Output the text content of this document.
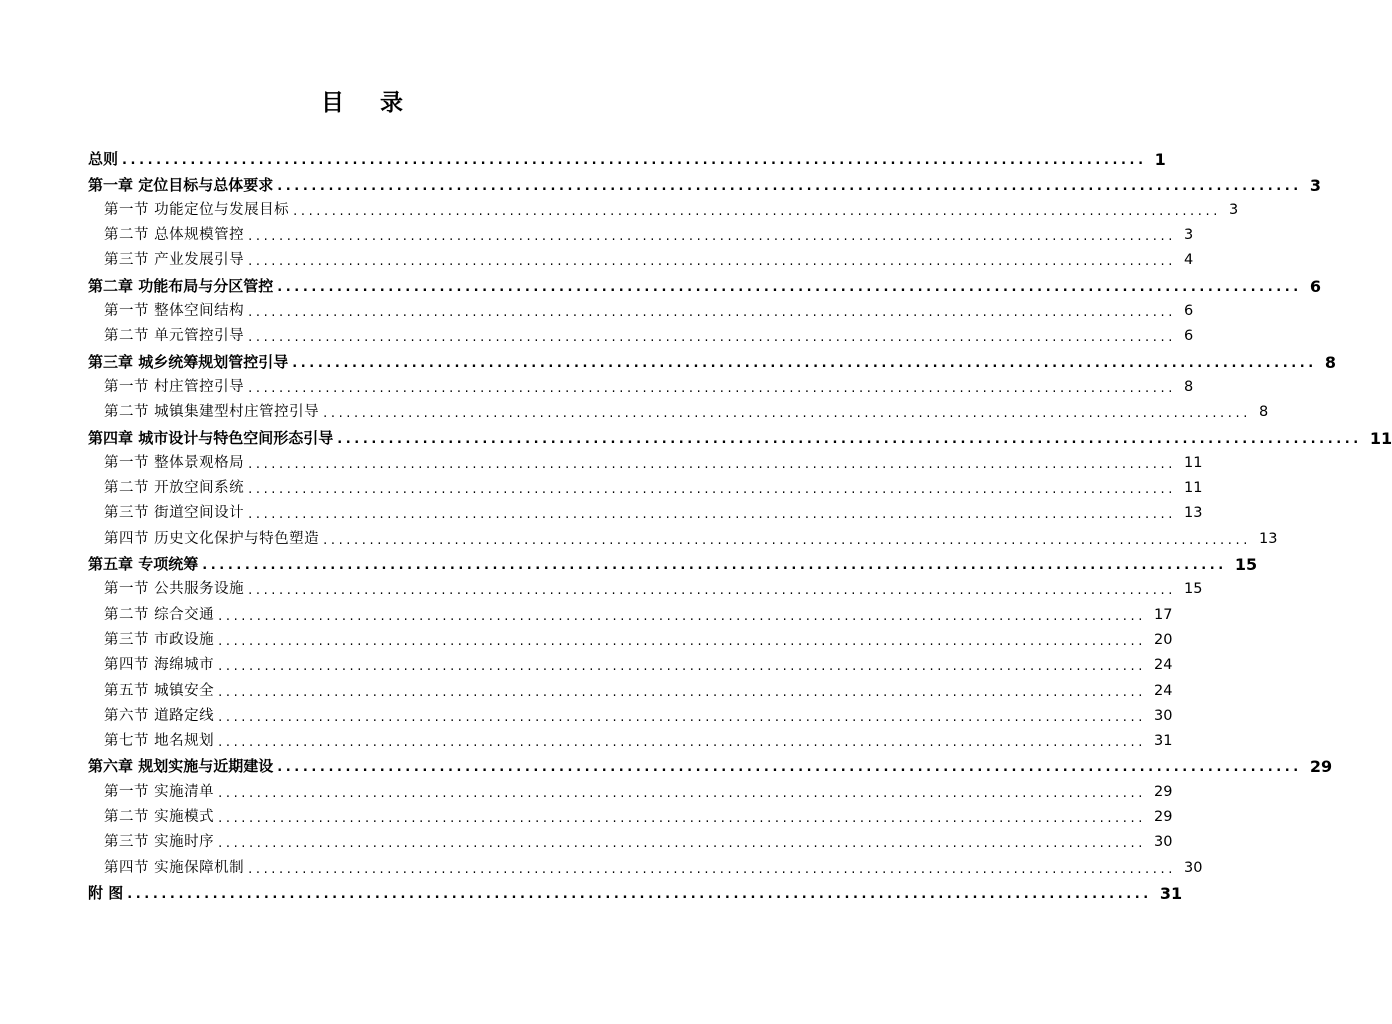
目 录
总则 ........................................................................................................................ 1
第一章 定位目标与总体要求 ........................................................................................................................ 3
第一节 功能定位与发展目标 ........................................................................................................................ 3
第二节 总体规模管控 ........................................................................................................................ 3
第三节 产业发展引导 ........................................................................................................................ 4
第二章 功能布局与分区管控 ........................................................................................................................ 6
第一节 整体空间结构 ........................................................................................................................ 6
第二节 单元管控引导 ........................................................................................................................ 6
第三章 城乡统筹规划管控引导 ........................................................................................................................ 8
第一节 村庄管控引导 ........................................................................................................................ 8
第二节 城镇集建型村庄管控引导 ........................................................................................................................ 8
第四章 城市设计与特色空间形态引导 ........................................................................................................................ 11
第一节 整体景观格局 ........................................................................................................................ 11
第二节 开放空间系统 ........................................................................................................................ 11
第三节 街道空间设计 ........................................................................................................................ 13
第四节 历史文化保护与特色塑造 ........................................................................................................................ 13
第五章 专项统筹 ........................................................................................................................ 15
第一节 公共服务设施 ........................................................................................................................ 15
第二节 综合交通 ........................................................................................................................ 17
第三节 市政设施 ........................................................................................................................ 20
第四节 海绵城市 ........................................................................................................................ 24
第五节 城镇安全 ........................................................................................................................ 24
第六节 道路定线 ........................................................................................................................ 30
第七节 地名规划 ........................................................................................................................ 31
第六章 规划实施与近期建设 ........................................................................................................................ 29
第一节 实施清单 ........................................................................................................................ 29
第二节 实施模式 ........................................................................................................................ 29
第三节 实施时序 ........................................................................................................................ 30
第四节 实施保障机制 ........................................................................................................................ 30
附 图 ........................................................................................................................ 31
